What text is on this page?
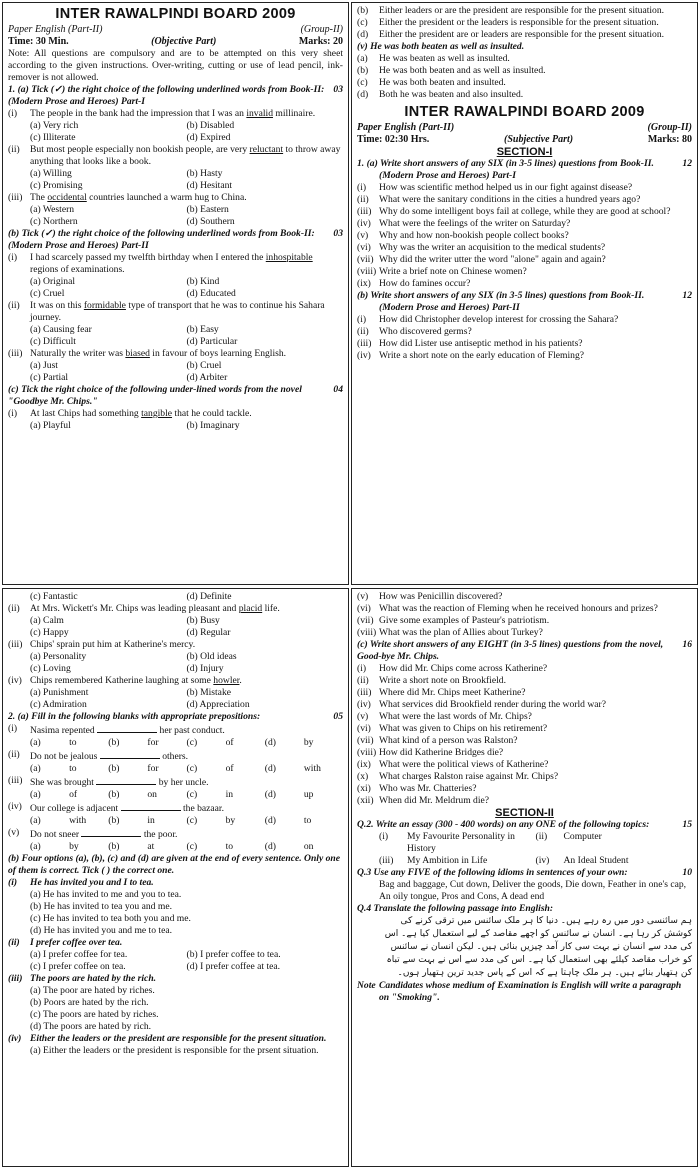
INTER RAWALPINDI BOARD 2009
Paper English (Part-II)	(Group-II)
Time: 30 Min.	(Objective Part)	Marks: 20
Note: All questions are compulsory and are to be attempted on this very sheet according to the given instructions. Over-writing, cutting or use of lead pencil, ink-remover is not allowed.
1. (a) Tick (✓) the right choice of the following underlined words from Book-II: (Modern Prose and Heroes) Part-I
03
(i)	The people in the bank had the impression that I was an invalid millinaire.
(a) Very rich	(b) Disabled
(c) Illiterate	(d) Expired
(ii)	But most people especially non bookish people, are very reluctant to throw away anything that looks like a book.
(a) Willing	(b) Hasty
(c) Promising	(d) Hesitant
(iii) The occidental countries launched a warm hug to China.
(a) Western	(b) Eastern
(c) Northern	(d) Southern
(b) Tick (✓) the right choice of the following underlined words from Book-II: (Modern Prose and Heroes) Part-II
03
(i)	I had scarcely passed my twelfth birthday when I entered the inhospitable regions of examinations.
(a) Original	(b) Kind
(c) Cruel	(d) Educated
(ii)	It was on this formidable type of transport that he was to continue his Sahara journey.
(a) Causing fear	(b) Easy
(c) Difficult	(d) Particular
(iii) Naturally the writer was biased in favour of boys learning English.
(a) Just	(b) Cruel
(c) Partial	(d) Arbiter
(c) Tick the right choice of the following under-lined words from the novel "Goodbye Mr. Chips."
04
(i)	At last Chips had something tangible that he could tackle.
(a) Playful	(b) Imaginary
(b)	Either leaders or are the president are responsible for the present situation.
(c)	Either the president or the leaders is responsible for the present situation.
(d)	Either the president are or leaders are responsible for the present situation.
(v) He was both beaten as well as insulted.
(a)	He was beaten as well as insulted.
(b)	He was both beaten and as well as insulted.
(c)	He was both beaten and insulted.
(d)	Both he was beaten and also insulted.
INTER RAWALPINDI BOARD 2009
Paper English (Part-II)	(Group-II)
Time: 02:30 Hrs.	(Subjective Part)	Marks: 80
SECTION-I
1. (a) Write short answers of any SIX (in 3-5 lines) questions from Book-II.	12
(Modern Prose and Heroes) Part-I
(i)	How was scientific method helped us in our fight against disease?
(ii)	What were the sanitary conditions in the cities a hundred years ago?
(iii) Why do some intelligent boys fail at college, while they are good at school?
(iv) What were the feelings of the writer on Saturday?
(v)	Why and how non-bookish people collect books?
(vi) Why was the writer an acquisition to the medical students?
(vii) Why did the writer utter the word "alone" again and again?
(viii) Write a brief note on Chinese women?
(ix) How do famines occur?
(b) Write short answers of any SIX (in 3-5 lines) questions from Book-II.	12
(Modern Prose and Heroes) Part-II
(i)	How did Christopher develop interest for crossing the Sahara?
(ii)	Who discovered germs?
(iii) How did Lister use antiseptic method in his patients?
(iv) Write a short note on the early education of Fleming?
(c) Fantastic	(d) Definite
(ii)	At Mrs. Wickett's Mr. Chips was leading pleasant and placid life.
(a) Calm	(b) Busy
(c) Happy	(d) Regular
(iii) Chips' sprain put him at Katherine's mercy.
(a) Personality	(b) Old ideas
(c) Loving	(d) Injury
(iv) Chips remembered Katherine laughing at some howler.
(a) Punishment	(b) Mistake
(c) Admiration	(d) Appreciation
2. (a) Fill in the following blanks with appropriate prepositions:	05
(i)	Nasima repented	her past conduct.
(a)	to	(b)	for	(c)	of	(d)	by
(ii)	Do not be jealous	others.
(a)	to	(b)	for	(c)	of	(d)	with
(iii) She was brought	by her uncle.
(a)	of	(b)	on	(c)	in	(d)	up
(iv) Our college is adjacent	the bazaar.
(a)	with	(b)	in	(c)	by	(d)	to
(v)	Do not sneer	the poor.
(a)	by	(b)	at	(c)	to	(d)	on
(b) Four options (a), (b), (c) and (d) are given at the end of every sentence. Only one of them is correct. Tick ( ) the correct one.
(i)	He has invited you and I to tea.
(a) He has invited to me and you to tea.
(b) He has invited to tea you and me.
(c) He has invited to tea both you and me.
(d) He has invited you and me to tea.
(ii)	I prefer coffee over tea.
(a) I prefer coffee for tea.	(b) I prefer coffee to tea.
(c) I prefer coffee on tea.	(d) I prefer coffee at tea.
(iii) The poors are hated by the rich.
(a) The poor are hated by riches.
(b) Poors are hated by the rich.
(c) The poors are hated by riches.
(d) The poors are hated by rich.
(iv) Either the leaders or the president are responsible for the present situation.
(a) Either the leaders or the president is responsible for the prsent situation.
(v)	How was Penicillin discovered?
(vi) What was the reaction of Fleming when he received honours and prizes?
(vii) Give some examples of Pasteur's patriotism.
(viii) What was the plan of Allies about Turkey?
(c) Write short answers of any EIGHT (in 3-5 lines) questions from the novel, Good-bye Mr. Chips.
16
(i)	How did Mr. Chips come across Katherine?
(ii)	Write a short note on Brookfield.
(iii) Where did Mr. Chips meet Katherine?
(iv) What services did Brookfield render during the world war?
(v)	What were the last words of Mr. Chips?
(vi) What was given to Chips on his retirement?
(vii) What kind of a person was Ralston?
(viii) How did Katherine Bridges die?
(ix) What were the political views of Katherine?
(x)	What charges Ralston raise against Mr. Chips?
(xi) Who was Mr. Chatteries?
(xii) When did Mr. Meldrum die?
SECTION-II
Q.2. Write an essay (300 - 400 words) on any ONE of the following topics:	15
(i)	My Favourite Personality in History
(ii)	Computer
(iii)	My Ambition in Life	(iv)	An Ideal Student
Q.3 Use any FIVE of the following idioms in sentences of your own:	10
Bag and baggage, Cut down, Deliver the goods, Die down, Feather in one's cap, An oily tongue, Pros and Cons, A dead end
Q.4 Translate the following passage into English:
ہم سائنسی دور میں رہ رہے ہیں۔ دنیا کا ہر ملک سائنس میں ترقی کرنے کی کوشش کر رہا ہے۔ انسان نے سائنس کو اچھے مقاصد کے لیے استعمال کیا ہے۔ اس کی مدد سے انسان نے بہت سی کار آمد چیزیں بنائی ہیں۔ لیکن انسان نے سائنس کو خراب مقاصد کیلئے بھی استعمال کیا ہے۔ اس کی مدد سے اس نے بہت سے تباہ کن ہتھیار بنائے ہیں۔ ہر ملک چاہتا ہے کہ اس کے پاس جدید ترین ہتھیار ہوں۔
Note Candidates whose medium of Examination is English will write a paragraph on "Smoking".
